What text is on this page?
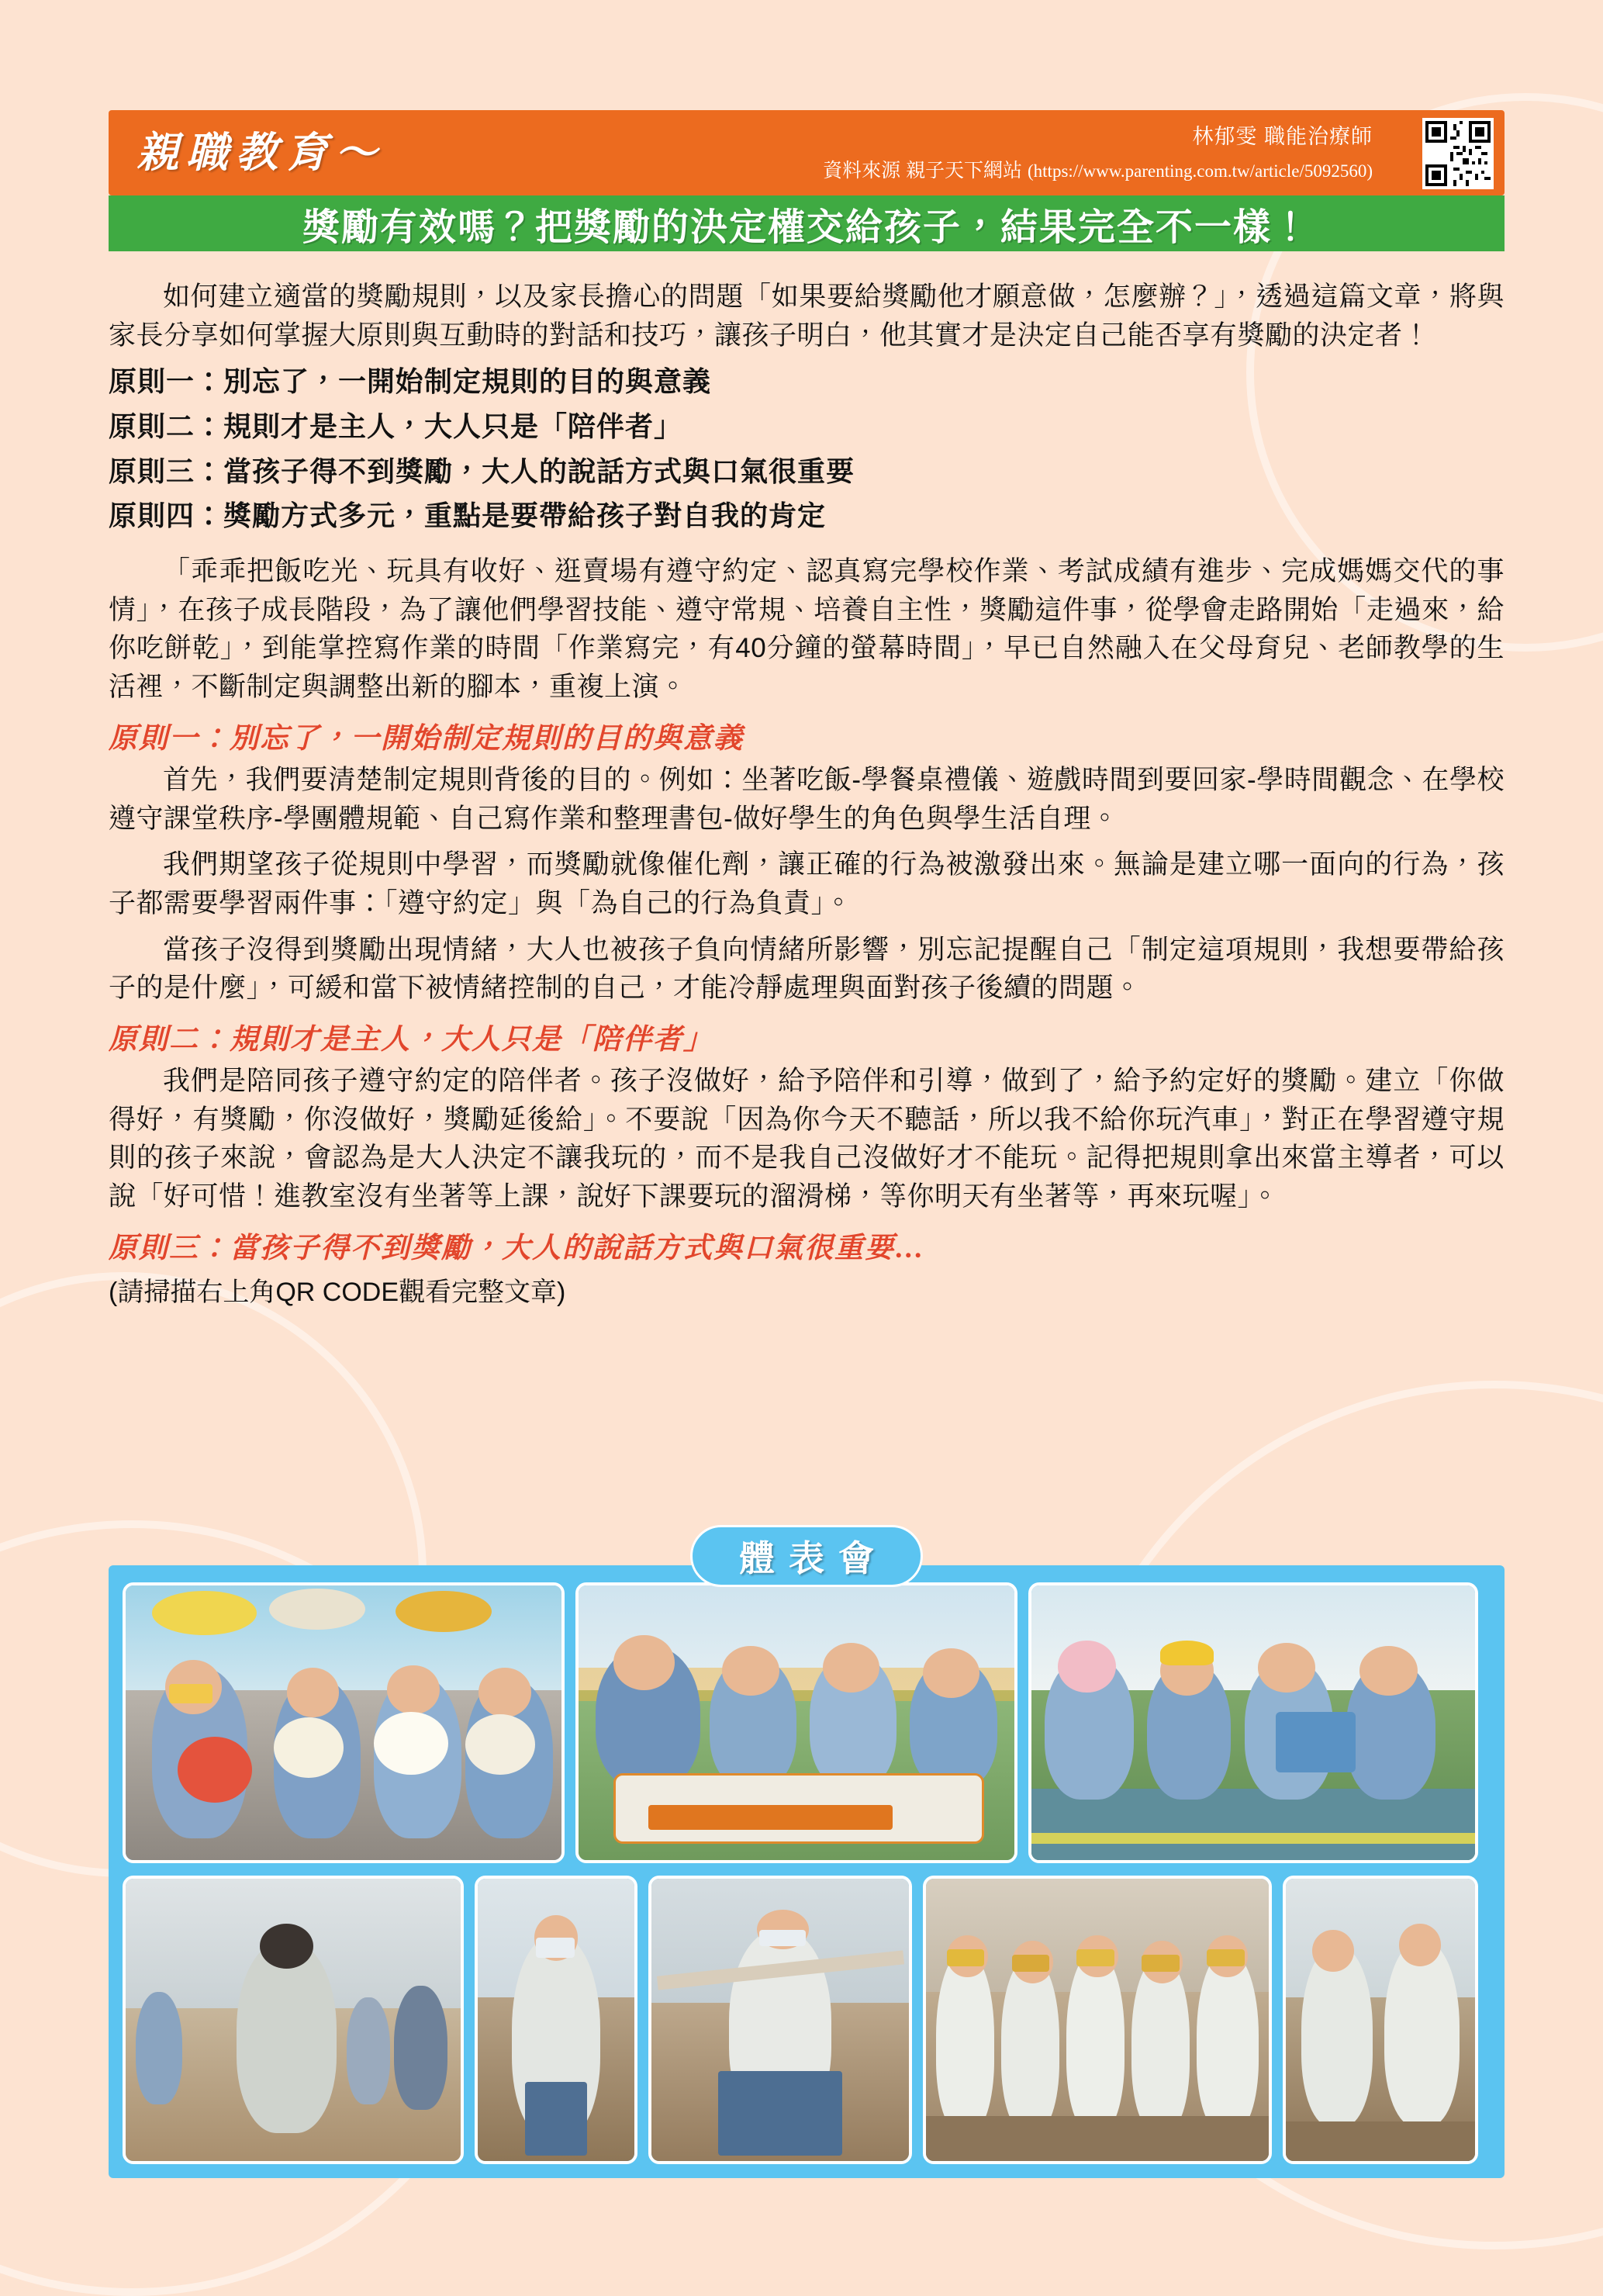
親職教育～	林郁雯 職能治療師
資料來源 親子天下網站 (https://www.parenting.com.tw/article/5092560)
獎勵有效嗎？把獎勵的決定權交給孩子，結果完全不一樣！

如何建立適當的獎勵規則，以及家長擔心的問題「如果要給獎勵他才願意做，怎麼辦？」，透過這篇文章，將與家長分享如何掌握大原則與互動時的對話和技巧，讓孩子明白，他其實才是決定自己能否享有獎勵的決定者！

原則一：別忘了，一開始制定規則的目的與意義

原則二：規則才是主人，大人只是「陪伴者」

原則三：當孩子得不到獎勵，大人的說話方式與口氣很重要

原則四：獎勵方式多元，重點是要帶給孩子對自我的肯定

「乖乖把飯吃光、玩具有收好、逛賣場有遵守約定、認真寫完學校作業、考試成績有進步、完成媽媽交代的事情」，在孩子成長階段，為了讓他們學習技能、遵守常規、培養自主性，獎勵這件事，從學會走路開始「走過來，給你吃餅乾」，到能掌控寫作業的時間「作業寫完，有40分鐘的螢幕時間」，早已自然融入在父母育兒、老師教學的生活裡，不斷制定與調整出新的腳本，重複上演。

原則一：別忘了，一開始制定規則的目的與意義

首先，我們要清楚制定規則背後的目的。例如：坐著吃飯-學餐桌禮儀、遊戲時間到要回家-學時間觀念、在學校遵守課堂秩序-學團體規範、自己寫作業和整理書包-做好學生的角色與學生活自理。

我們期望孩子從規則中學習，而獎勵就像催化劑，讓正確的行為被激發出來。無論是建立哪一面向的行為，孩子都需要學習兩件事：「遵守約定」與「為自己的行為負責」。

當孩子沒得到獎勵出現情緒，大人也被孩子負向情緒所影響，別忘記提醒自己「制定這項規則，我想要帶給孩子的是什麼」，可緩和當下被情緒控制的自己，才能冷靜處理與面對孩子後續的問題。

原則二：規則才是主人，大人只是「陪伴者」

我們是陪同孩子遵守約定的陪伴者。孩子沒做好，給予陪伴和引導，做到了，給予約定好的獎勵。建立「你做得好，有獎勵，你沒做好，獎勵延後給」。不要說「因為你今天不聽話，所以我不給你玩汽車」，對正在學習遵守規則的孩子來說，會認為是大人決定不讓我玩的，而不是我自己沒做好才不能玩。記得把規則拿出來當主導者，可以說「好可惜！進教室沒有坐著等上課，說好下課要玩的溜滑梯，等你明天有坐著等，再來玩喔」。

原則三：當孩子得不到獎勵，大人的說話方式與口氣很重要…

(請掃描右上角QR CODE觀看完整文章)

體表會
